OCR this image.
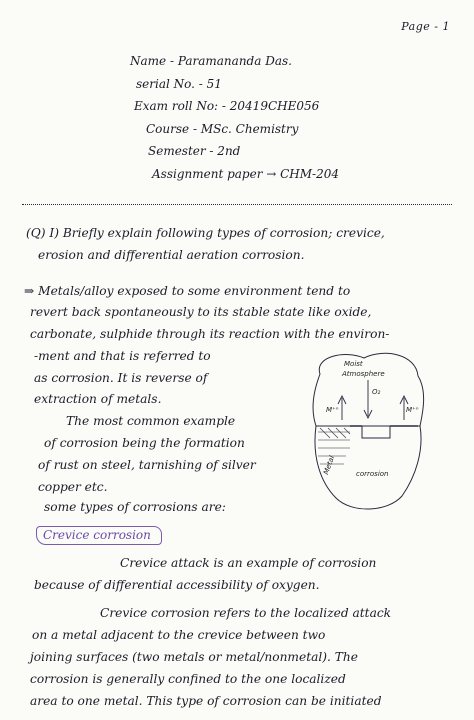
Page - 1
Name - Paramananda Das.
serial No. - 51
Exam roll No: - 20419CHE056
Course - MSc. Chemistry
Semester - 2nd
Assignment paper → CHM-204
(Q) I) Briefly explain following types of corrosion; crevice,
erosion and differential aeration corrosion.
⇒ Metals/alloy exposed to some environment tend to
revert back spontaneously to its stable state like oxide,
carbonate, sulphide through its reaction with the environ-
-ment and that is referred to
as corrosion. It is reverse of
extraction of metals.
The most common example
of corrosion being the formation
of rust on steel, tarnishing of silver
copper etc.
some types of corrosions are:
Moist
Atmosphere
O₂
M⁺ⁿ	M⁺ⁿ
Metal	corrosion
Crevice corrosion
Crevice attack is an example of corrosion
because of differential accessibility of oxygen.
Crevice corrosion refers to the localized attack
on a metal adjacent to the crevice between two
joining surfaces (two metals or metal/nonmetal). The
corrosion is generally confined to the one localized
area to one metal. This type of corrosion can be initiated
